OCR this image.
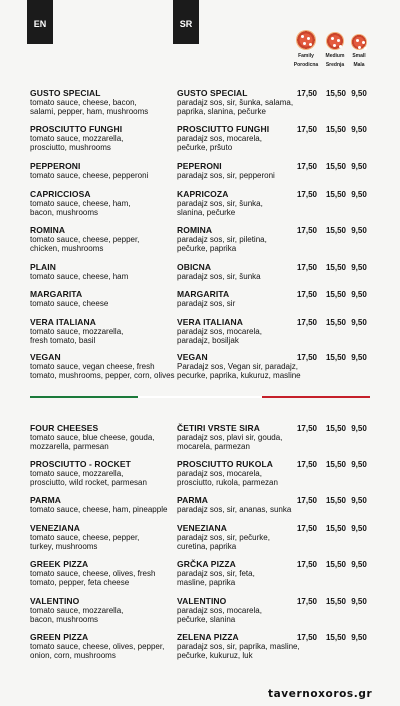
EN	SR
Family
Porodicna
Medium
Srednja
Small
Mala
GUSTO SPECIAL
tomato sauce, cheese, bacon,
salami, pepper, ham, mushrooms
GUSTO SPECIAL
paradajz sos, sir, šunka, salama,
paprika, slanina, pečurke
17,50	15,50 9,50
PROSCIUTTO FUNGHI
tomato sauce, mozzarella,
prosciutto, mushrooms
PROSCIUTTO FUNGHI
paradajz sos, mocarela,
pečurke, pršuto
17,50	15,50 9,50
PEPPERONI
tomato sauce, cheese, pepperoni
PEPERONI
paradajz sos, sir, pepperoni
17,50	15,50 9,50
CAPRICCIOSA
tomato sauce, cheese, ham,
bacon, mushrooms
KAPRICOZA
paradajz sos, sir, šunka,
slanina, pečurke
17,50	15,50 9,50
ROMINA
tomato sauce, cheese, pepper,
chicken, mushrooms
ROMINA
paradajz sos, sir, piletina,
pečurke, paprika
17,50	15,50 9,50
PLAIN
tomato sauce, cheese, ham
OBICNA
paradajz sos, sir, šunka
17,50	15,50 9,50
MARGARITA
tomato sauce, cheese
MARGARITA
paradajz sos, sir
17,50	15,50 9,50
VERA ITALIANA
tomato sauce, mozzarella,
fresh tomato, basil
VERA ITALIANA
paradajz sos, mocarela,
paradajz, bosiljak
17,50	15,50 9,50
VEGAN
tomato sauce, vegan cheese, fresh
tomato, mushrooms, pepper, corn, olives
VEGAN
Paradajz sos, Vegan sir, paradajz,
pecurke, paprika, kukuruz, masline
17,50	15,50 9,50
FOUR CHEESES
tomato sauce, blue cheese, gouda,
mozzarella, parmesan
ČETIRI VRSTE SIRA
paradajz sos, plavi sir, gouda,
mocarela, parmezan
17,50	15,50 9,50
PROSCIUTTO - ROCKET
tomato sauce, mozzarella,
prosciutto, wild rocket, parmesan
PROSCIUTTO RUKOLA
paradajz sos, mocarela,
prosciutto, rukola, parmezan
17,50	15,50 9,50
PARMA
tomato sauce, cheese, ham, pineapple
PARMA
paradajz sos, sir, ananas, sunka
17,50	15,50 9,50
VENEZIANA
tomato sauce, cheese, pepper,
turkey, mushrooms
VENEZIANA
paradajz sos, sir, pečurke,
curetina, paprika
17,50	15,50 9,50
GREEK PIZZA
tomato sauce, cheese, olives, fresh
tomato, pepper, feta cheese
GRČKA PIZZA
paradajz sos, sir, feta,
masline, paprika
17,50	15,50 9,50
VALENTINO
tomato sauce, mozzarella,
bacon, mushrooms
VALENTINO
paradajz sos, mocarela,
pečurke, slanina
17,50	15,50 9,50
GREEN PIZZA
tomato sauce, cheese, olives, pepper,
onion, corn, mushrooms
ZELENA PIZZA
paradajz sos, sir, paprika, masline,
pečurke, kukuruz, luk
17,50	15,50 9,50
tavernoxoros.gr
